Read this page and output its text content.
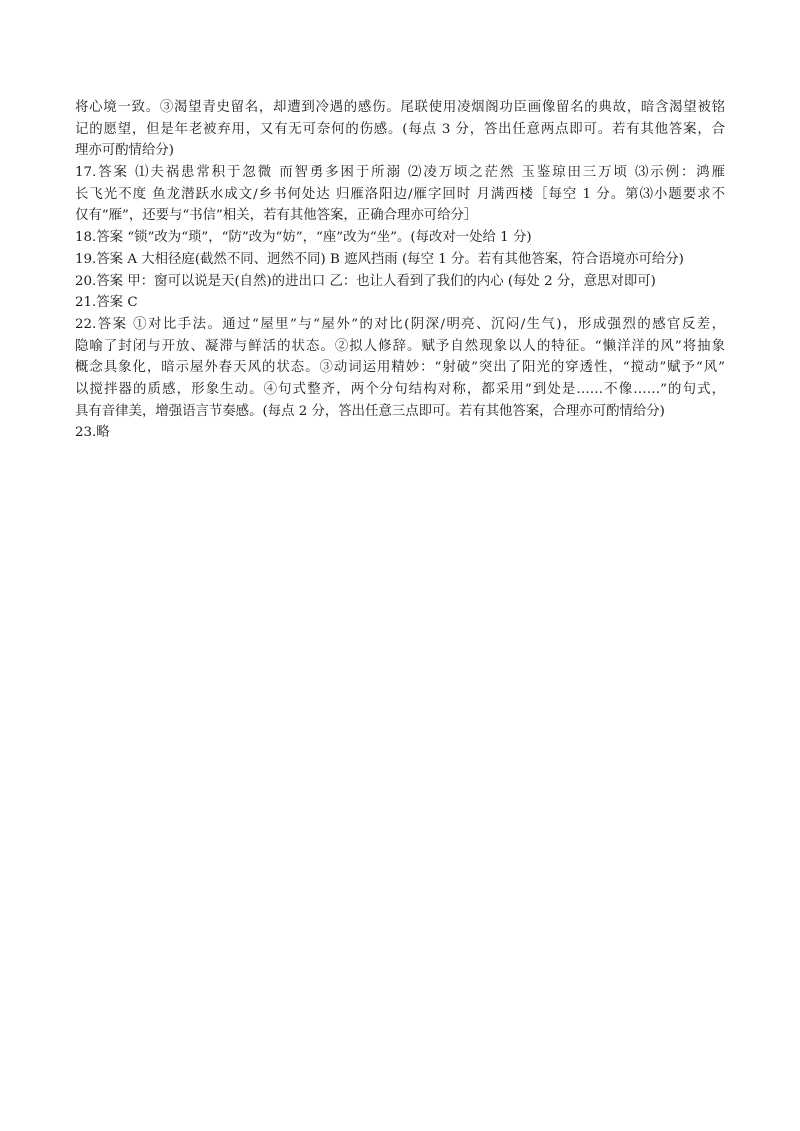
将心境一致。③渴望青史留名，却遭到冷遇的感伤。尾联使用凌烟阁功臣画像留名的典故，暗含渴望被铭
记的愿望，但是年老被弃用，又有无可奈何的伤感。(每点 3 分，答出任意两点即可。若有其他答案，合
理亦可酌情给分)
17.答案 ⑴夫祸患常积于忽微 而智勇多困于所溺 ⑵凌万顷之茫然 玉鉴琼田三万顷 ⑶示例：鸿雁
长飞光不度 鱼龙潜跃水成文/乡书何处达 归雁洛阳边/雁字回时 月满西楼［每空 1 分。第⑶小题要求不
仅有“雁”，还要与“书信”相关，若有其他答案，正确合理亦可给分］
18.答案 “锁”改为“琐”，“防”改为“妨”，“座”改为“坐”。(每改对一处给 1 分)
19.答案 A 大相径庭(截然不同、迥然不同) B 遮风挡雨 (每空 1 分。若有其他答案，符合语境亦可给分)
20.答案 甲：窗可以说是天(自然)的进出口 乙：也让人看到了我们的内心 (每处 2 分，意思对即可)
21.答案 C
22.答案 ①对比手法。通过“屋里”与“屋外”的对比(阴深/明亮、沉闷/生气)，形成强烈的感官反差，
隐喻了封闭与开放、凝滞与鲜活的状态。②拟人修辞。赋予自然现象以人的特征。“懒洋洋的风”将抽象
概念具象化，暗示屋外春天风的状态。③动词运用精妙：“射破”突出了阳光的穿透性，“搅动”赋予“风”
以搅拌器的质感，形象生动。④句式整齐，两个分句结构对称，都采用“到处是……不像……”的句式，
具有音律美，增强语言节奏感。(每点 2 分，答出任意三点即可。若有其他答案，合理亦可酌情给分)
23.略
